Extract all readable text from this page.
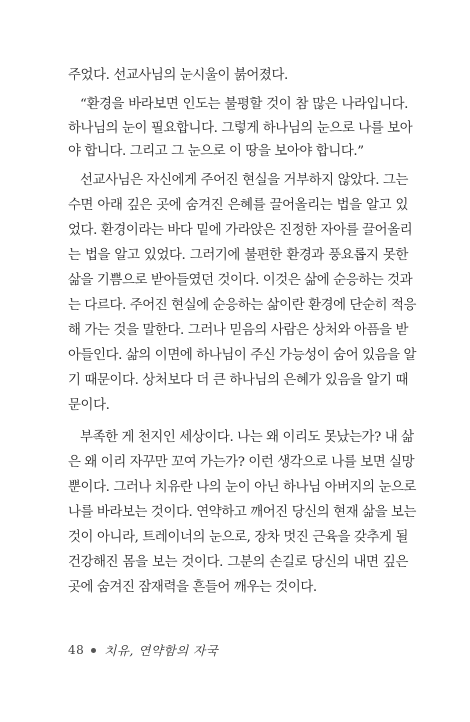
주었다. 선교사님의 눈시울이 붉어졌다.
“환경을 바라보면 인도는 불평할 것이 참 많은 나라입니다.
하나님의 눈이 필요합니다. 그렇게 하나님의 눈으로 나를 보아
야 합니다. 그리고 그 눈으로 이 땅을 보아야 합니다.”
선교사님은 자신에게 주어진 현실을 거부하지 않았다. 그는
수면 아래 깊은 곳에 숨겨진 은혜를 끌어올리는 법을 알고 있
었다. 환경이라는 바다 밑에 가라앉은 진정한 자아를 끌어올리
는 법을 알고 있었다. 그러기에 불편한 환경과 풍요롭지 못한
삶을 기쁨으로 받아들였던 것이다. 이것은 삶에 순응하는 것과
는 다르다. 주어진 현실에 순응하는 삶이란 환경에 단순히 적응
해 가는 것을 말한다. 그러나 믿음의 사람은 상처와 아픔을 받
아들인다. 삶의 이면에 하나님이 주신 가능성이 숨어 있음을 알
기 때문이다. 상처보다 더 큰 하나님의 은혜가 있음을 알기 때
문이다.
부족한 게 천지인 세상이다. 나는 왜 이리도 못났는가? 내 삶
은 왜 이리 자꾸만 꼬여 가는가? 이런 생각으로 나를 보면 실망
뿐이다. 그러나 치유란 나의 눈이 아닌 하나님 아버지의 눈으로
나를 바라보는 것이다. 연약하고 깨어진 당신의 현재 삶을 보는
것이 아니라, 트레이너의 눈으로, 장차 멋진 근육을 갖추게 될
건강해진 몸을 보는 것이다. 그분의 손길로 당신의 내면 깊은
곳에 숨겨진 잠재력을 흔들어 깨우는 것이다.
48 치유, 연약함의 자국
